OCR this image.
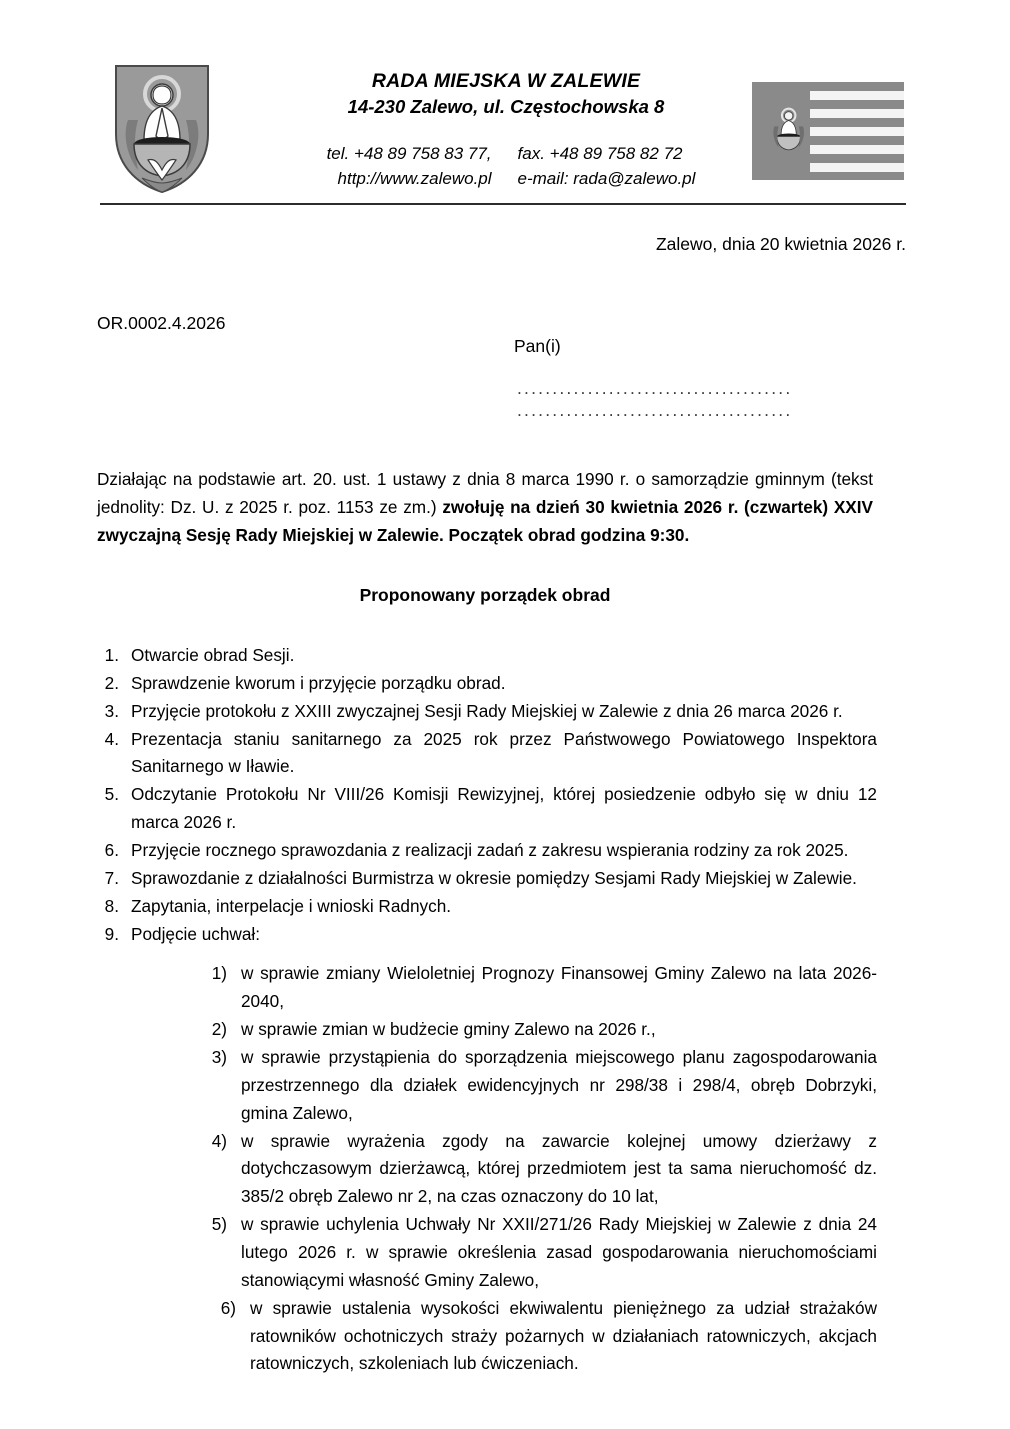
RADA MIEJSKA W ZALEWIE
14-230 Zalewo, ul. Częstochowska 8
tel. +48 89 758 83 77,
http://www.zalewo.pl
fax. +48 89 758 82 72
e-mail: rada@zalewo.pl
Zalewo, dnia 20 kwietnia 2026 r.
OR.0002.4.2026
Pan(i)
.......................................
.......................................
Działając na podstawie art. 20. ust. 1 ustawy z dnia 8 marca 1990 r. o samorządzie gminnym (tekst jednolity: Dz. U. z 2025 r. poz. 1153 ze zm.) zwołuję na dzień 30 kwietnia 2026 r. (czwartek) XXIV zwyczajną Sesję Rady Miejskiej w Zalewie. Początek obrad godzina 9:30.
Proponowany porządek obrad
1. Otwarcie obrad Sesji.
2. Sprawdzenie kworum i przyjęcie porządku obrad.
3. Przyjęcie protokołu z XXIII zwyczajnej Sesji Rady Miejskiej w Zalewie z dnia 26 marca 2026 r.
4. Prezentacja staniu sanitarnego za 2025 rok przez Państwowego Powiatowego Inspektora Sanitarnego w Iławie.
5. Odczytanie Protokołu Nr VIII/26 Komisji Rewizyjnej, której posiedzenie odbyło się w dniu 12 marca 2026 r.
6. Przyjęcie rocznego sprawozdania z realizacji zadań z zakresu wspierania rodziny za rok 2025.
7. Sprawozdanie z działalności Burmistrza w okresie pomiędzy Sesjami Rady Miejskiej w Zalewie.
8. Zapytania, interpelacje i wnioski Radnych.
9. Podjęcie uchwał:
1) w sprawie zmiany Wieloletniej Prognozy Finansowej Gminy Zalewo na lata 2026-2040,
2) w sprawie zmian w budżecie gminy Zalewo na 2026 r.,
3) w sprawie przystąpienia do sporządzenia miejscowego planu zagospodarowania przestrzennego dla działek ewidencyjnych nr 298/38 i 298/4, obręb Dobrzyki, gmina Zalewo,
4) w sprawie wyrażenia zgody na zawarcie kolejnej umowy dzierżawy z dotychczasowym dzierżawcą, której przedmiotem jest ta sama nieruchomość dz. 385/2 obręb Zalewo nr 2, na czas oznaczony do 10 lat,
5) w sprawie uchylenia Uchwały Nr XXII/271/26 Rady Miejskiej w Zalewie z dnia 24 lutego 2026 r. w sprawie określenia zasad gospodarowania nieruchomościami stanowiącymi własność Gminy Zalewo,
6) w sprawie ustalenia wysokości ekwiwalentu pieniężnego za udział strażaków ratowników ochotniczych straży pożarnych w działaniach ratowniczych, akcjach ratowniczych, szkoleniach lub ćwiczeniach.
